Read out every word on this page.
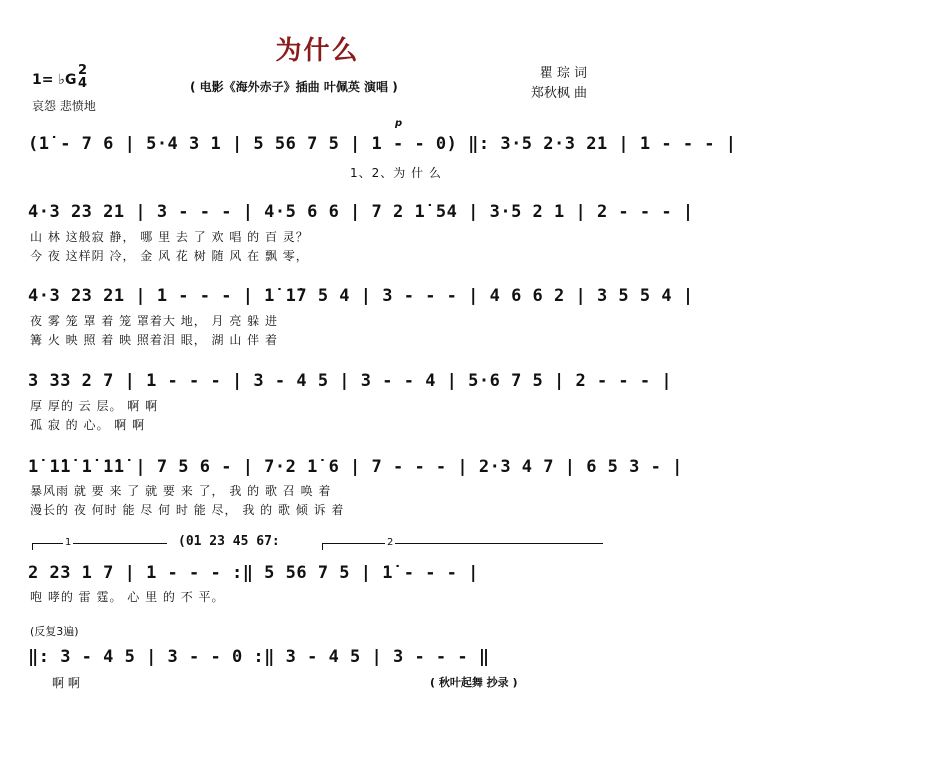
为什么
1= ♭G
2
4	( 电影《海外赤子》插曲 叶佩英 演唱 )
瞿 琮 词
郑秋枫 曲
哀怨 悲愤地
p
(1̇ - 7 6 | 5·4 3 1 | 5 56 7 5 | 1 - - 0) ‖: 3·5 2·3 21 | 1 - - - |
1、2、为 什 么
4·3 23 21 | 3 - - - | 4·5 6 6 | 7 2 1̇ 54 | 3·5 2 1 | 2 - - - |
山 林 这般寂 静， 哪 里 去 了 欢 唱 的 百 灵？
今 夜 这样阴 冷， 金 风 花 树 随 风 在 飘 零，
4·3 23 21 | 1 - - - | 1̇ 1̇7 5 4 | 3 - - - | 4 6 6 2 | 3 5 5 4 |
夜 雾 笼 罩 着 笼 罩着大 地， 月 亮 躲 进
篝 火 映 照 着 映 照着泪 眼， 湖 山 伴 着
3 33 2 7 | 1 - - - | 3 - 4 5 | 3 - - 4 | 5·6 7 5 | 2 - - - |
厚 厚的 云 层。 啊 啊
孤 寂 的 心。 啊 啊
1̇ 1̇1̇ 1̇ 1̇1̇ | 7 5 6 - | 7·2 1̇ 6 | 7 - - - | 2·3 4 7 | 6 5 3 - |
暴风雨 就 要 来 了 就 要 来 了， 我 的 歌 召 唤 着
漫长的 夜 何时 能 尽 何 时 能 尽， 我 的 歌 倾 诉 着
1	(01 23 45 67:	2
2 23 1 7 | 1 - - - :‖ 5 56 7 5 | 1̇ - - - |
咆 哮的 雷 霆。 心 里 的 不 平。
(反复3遍)
‖: 3 - 4 5 | 3 - - 0 :‖ 3 - 4 5 | 3 - - - ‖
啊 啊	( 秋叶起舞 抄录 )
